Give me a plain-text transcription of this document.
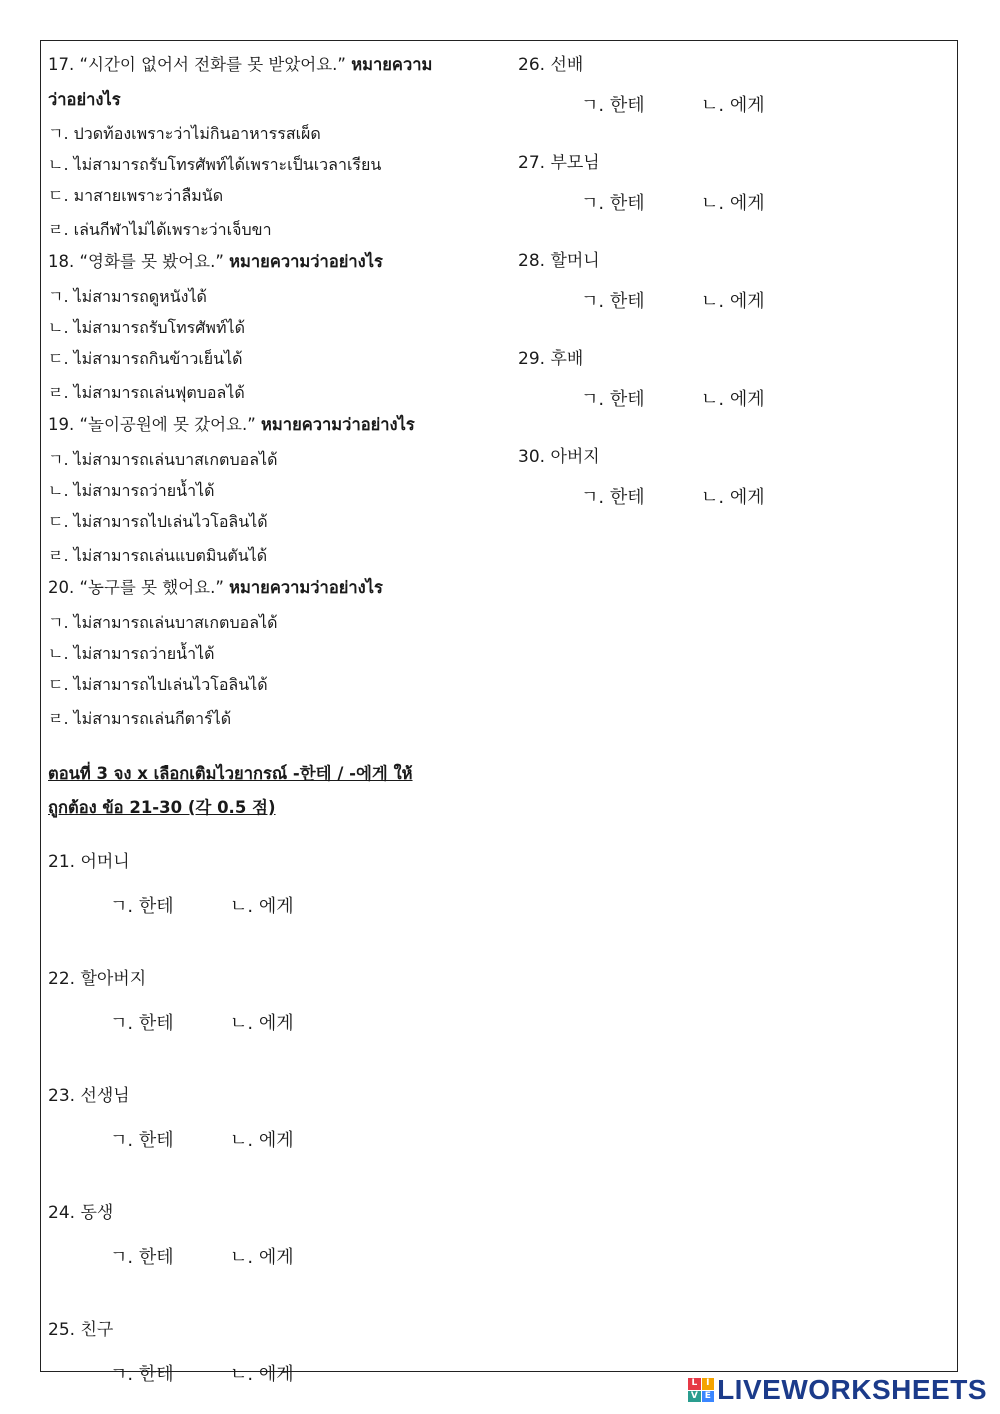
17. “시간이 없어서 전화를 못 받았어요.” หมายความ
ว่าอย่างไร
ㄱ. ปวดท้องเพราะว่าไม่กินอาหารรสเผ็ด
ㄴ. ไม่สามารถรับโทรศัพท์ได้เพราะเป็นเวลาเรียน
ㄷ. มาสายเพราะว่าลืมนัด
ㄹ. เล่นกีฬาไม่ได้เพราะว่าเจ็บขา
18. “영화를 못 봤어요.” หมายความว่าอย่างไร
ㄱ. ไม่สามารถดูหนังได้
ㄴ. ไม่สามารถรับโทรศัพท์ได้
ㄷ. ไม่สามารถกินข้าวเย็นได้
ㄹ. ไม่สามารถเล่นฟุตบอลได้
19. “놀이공원에 못 갔어요.” หมายความว่าอย่างไร
ㄱ. ไม่สามารถเล่นบาสเกตบอลได้
ㄴ. ไม่สามารถว่ายน้ำได้
ㄷ. ไม่สามารถไปเล่นไวโอลินได้
ㄹ. ไม่สามารถเล่นแบตมินตันได้
20. “농구를 못 했어요.” หมายความว่าอย่างไร
ㄱ. ไม่สามารถเล่นบาสเกตบอลได้
ㄴ. ไม่สามารถว่ายน้ำได้
ㄷ. ไม่สามารถไปเล่นไวโอลินได้
ㄹ. ไม่สามารถเล่นกีตาร์ได้
ตอนที่ 3 จง x เลือกเติมไวยากรณ์ -한테 / -에게 ให้
ถูกต้อง ข้อ 21-30 (각 0.5 점)
21. 어머니
ㄱ. 한테	ㄴ. 에게
22. 할아버지
ㄱ. 한테	ㄴ. 에게
23. 선생님
ㄱ. 한테	ㄴ. 에게
24. 동생
ㄱ. 한테	ㄴ. 에게
25. 친구
ㄱ. 한테	ㄴ. 에게
26. 선배
ㄱ. 한테	ㄴ. 에게
27. 부모님
ㄱ. 한테	ㄴ. 에게
28. 할머니
ㄱ. 한테	ㄴ. 에게
29. 후배
ㄱ. 한테	ㄴ. 에게
30. 아버지
ㄱ. 한테	ㄴ. 에게
L I
V E LIVEWORKSHEETS
